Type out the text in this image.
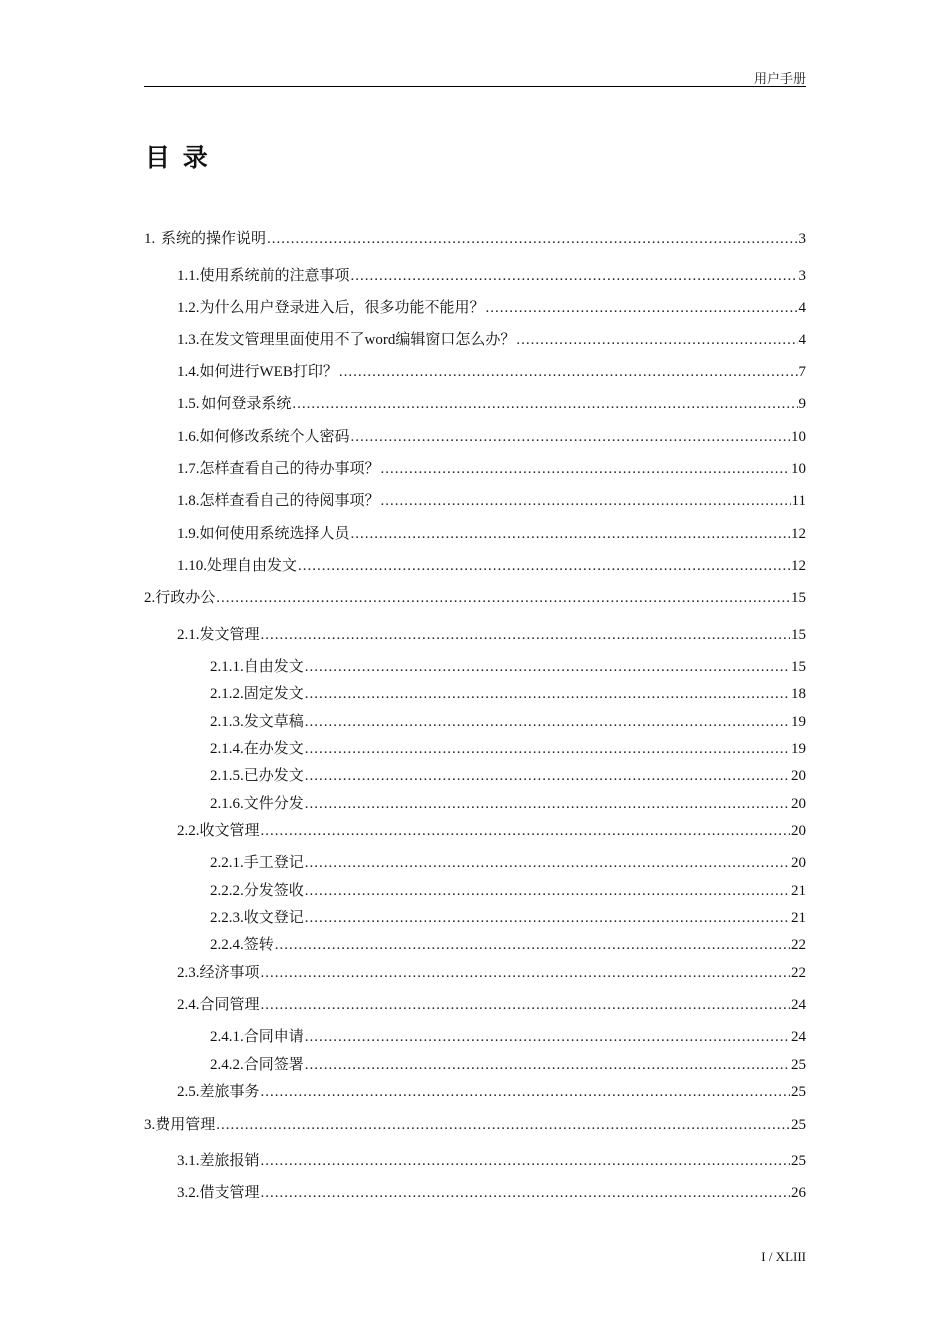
用户手册
目 录
1. 系统的操作说明 .....	3
1.1. 使用系统前的注意事项 .....	3
1.2. 为什么用户登录进入后，很多功能不能用？ .....	4
1.3. 在发文管理里面使用不了word编辑窗口怎么办？ .....	4
1.4. 如何进行WEB打印？ .....	7
1.5. 如何登录系统 .....	9
1.6. 如何修改系统个人密码 .....	10
1.7. 怎样查看自己的待办事项？ .....	10
1.8. 怎样查看自己的待阅事项？ .....	11
1.9. 如何使用系统选择人员 .....	12
1.10. 处理自由发文 .....	12
2.行政办公 .....	15
2.1.发文管理 .....	15
2.1.1.自由发文 .....	15
2.1.2.固定发文 .....	18
2.1.3.发文草稿 .....	19
2.1.4.在办发文 .....	19
2.1.5.已办发文 .....	20
2.1.6.文件分发 .....	20
2.2.收文管理 .....	20
2.2.1.手工登记 .....	20
2.2.2.分发签收 .....	21
2.2.3.收文登记 .....	21
2.2.4.签转 .....	22
2.3.经济事项 .....	22
2.4.合同管理 .....	24
2.4.1.合同申请 .....	24
2.4.2.合同签署 .....	25
2.5.差旅事务 .....	25
3.费用管理 .....	25
3.1.差旅报销 .....	25
3.2.借支管理 .....	26
I / XLIII
